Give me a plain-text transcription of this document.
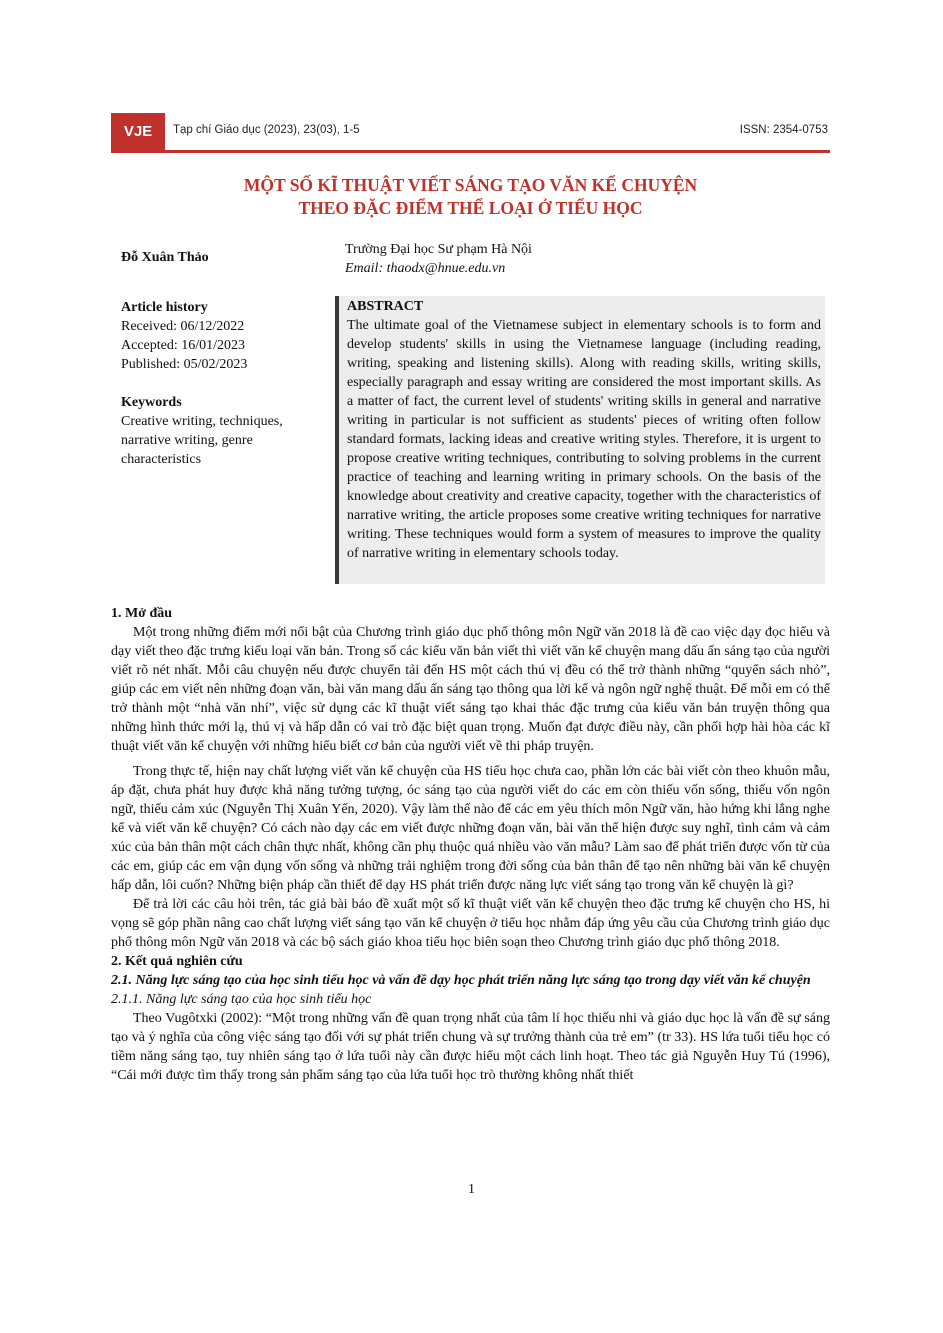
VJE	Tạp chí Giáo dục (2023), 23(03), 1-5	ISSN: 2354-0753
MỘT SỐ KĨ THUẬT VIẾT SÁNG TẠO VĂN KỂ CHUYỆN
THEO ĐẶC ĐIỂM THỂ LOẠI Ở TIỂU HỌC
Đỗ Xuân Thảo
Trường Đại học Sư phạm Hà Nội
Email: thaodx@hnue.edu.vn
Article history
Received: 06/12/2022
Accepted: 16/01/2023
Published: 05/02/2023
Keywords
Creative writing, techniques, narrative writing, genre characteristics
ABSTRACT
The ultimate goal of the Vietnamese subject in elementary schools is to form and develop students' skills in using the Vietnamese language (including reading, writing, speaking and listening skills). Along with reading skills, writing skills, especially paragraph and essay writing are considered the most important skills. As a matter of fact, the current level of students' writing skills in general and narrative writing in particular is not sufficient as students' pieces of writing often follow standard formats, lacking ideas and creative writing styles. Therefore, it is urgent to propose creative writing techniques, contributing to solving problems in the current practice of teaching and learning writing in primary schools. On the basis of the knowledge about creativity and creative capacity, together with the characteristics of narrative writing, the article proposes some creative writing techniques for narrative writing. These techniques would form a system of measures to improve the quality of narrative writing in elementary schools today.

1. Mở đầu

Một trong những điểm mới nổi bật của Chương trình giáo dục phổ thông môn Ngữ văn 2018 là đề cao việc dạy đọc hiểu và dạy viết theo đặc trưng kiểu loại văn bản. Trong số các kiểu văn bản viết thì viết văn kể chuyện mang dấu ấn sáng tạo của người viết rõ nét nhất. Mỗi câu chuyện nếu được chuyển tải đến HS một cách thú vị đều có thể trở thành những “quyển sách nhỏ”, giúp các em viết nên những đoạn văn, bài văn mang dấu ấn sáng tạo thông qua lời kể và ngôn ngữ nghệ thuật. Để mỗi em có thể trở thành một “nhà văn nhí”, việc sử dụng các kĩ thuật viết sáng tạo khai thác đặc trưng của kiểu văn bản truyện thông qua những hình thức mới lạ, thú vị và hấp dẫn có vai trò đặc biệt quan trọng. Muốn đạt được điều này, cần phối hợp hài hòa các kĩ thuật viết văn kể chuyện với những hiểu biết cơ bản của người viết về thi pháp truyện.

Trong thực tế, hiện nay chất lượng viết văn kể chuyện của HS tiểu học chưa cao, phần lớn các bài viết còn theo khuôn mẫu, áp đặt, chưa phát huy được khả năng tưởng tượng, óc sáng tạo của người viết do các em còn thiếu vốn sống, thiếu vốn ngôn ngữ, thiếu cảm xúc (Nguyễn Thị Xuân Yến, 2020). Vậy làm thế nào để các em yêu thích môn Ngữ văn, hào hứng khi lắng nghe kể và viết văn kể chuyện? Có cách nào dạy các em viết được những đoạn văn, bài văn thể hiện được suy nghĩ, tình cảm và cảm xúc của bản thân một cách chân thực nhất, không cần phụ thuộc quá nhiều vào văn mẫu? Làm sao để phát triển được vốn từ của các em, giúp các em vận dụng vốn sống và những trải nghiệm trong đời sống của bản thân để tạo nên những bài văn kể chuyện hấp dẫn, lôi cuốn? Những biện pháp cần thiết để dạy HS phát triển được năng lực viết sáng tạo trong văn kể chuyện là gì?

Để trả lời các câu hỏi trên, tác giả bài báo đề xuất một số kĩ thuật viết văn kể chuyện theo đặc trưng kể chuyện cho HS, hi vọng sẽ góp phần nâng cao chất lượng viết sáng tạo văn kể chuyện ở tiểu học nhằm đáp ứng yêu cầu của Chương trình giáo dục phổ thông môn Ngữ văn 2018 và các bộ sách giáo khoa tiểu học biên soạn theo Chương trình giáo dục phổ thông 2018.

2. Kết quả nghiên cứu

2.1. Năng lực sáng tạo của học sinh tiểu học và vấn đề dạy học phát triển năng lực sáng tạo trong dạy viết văn kể chuyện

2.1.1. Năng lực sáng tạo của học sinh tiểu học

Theo Vugôtxki (2002): “Một trong những vấn đề quan trọng nhất của tâm lí học thiếu nhi và giáo dục học là vấn đề sự sáng tạo và ý nghĩa của công việc sáng tạo đối với sự phát triển chung và sự trưởng thành của trẻ em” (tr 33). HS lứa tuổi tiểu học có tiềm năng sáng tạo, tuy nhiên sáng tạo ở lứa tuổi này cần được hiểu một cách linh hoạt. Theo tác giả Nguyễn Huy Tú (1996), “Cái mới được tìm thấy trong sản phẩm sáng tạo của lứa tuổi học trò thường không nhất thiết

1
